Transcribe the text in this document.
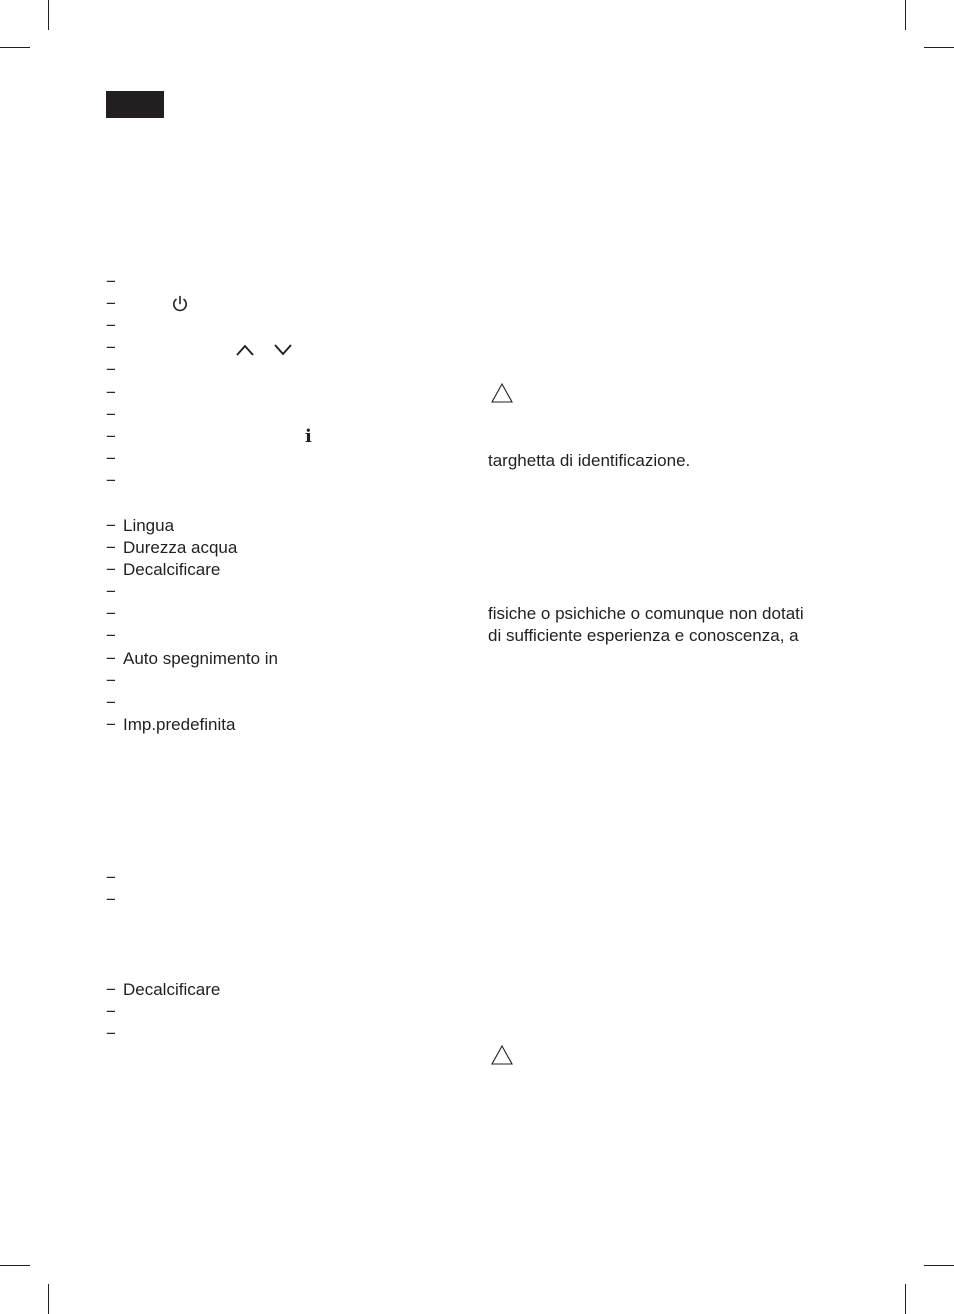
−
−
−
−
−
−
−
−
−
−
i
− Lingua
− Durezza acqua
− Decalcificare
−
−
−
− Auto spegnimento in
−
−
− Imp.predefinita
−
−
− Decalcificare
−
−
targhetta di identificazione.
fisiche o psichiche o comunque non dotati
di sufficiente esperienza e conoscenza, a
